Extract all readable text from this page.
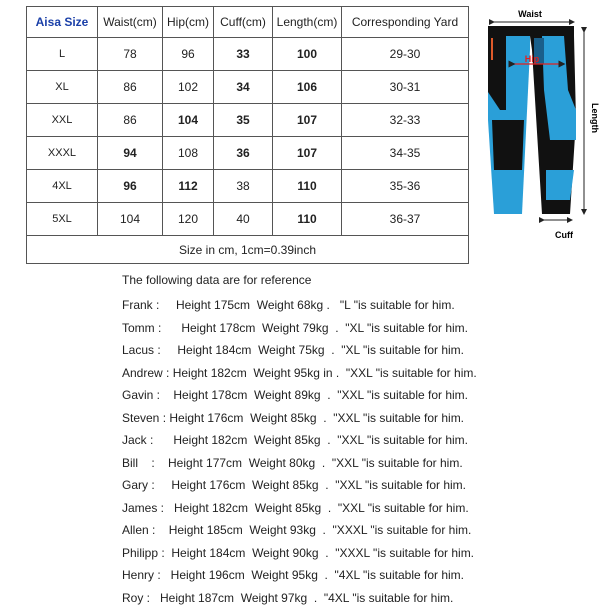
Aisa Size	Waist(cm)	Hip(cm)	Cuff(cm)	Length(cm)	Corresponding Yard
L	78	96	33	100	29-30
XL	86	102	34	106	30-31
XXL	86	104	35	107	32-33
XXXL	94	108	36	107	34-35
4XL	96	112	38	110	35-36
5XL	104	120	40	110	36-37
Size in cm, 1cm=0.39inch					
Waist
Hip
Length
Cuff
The following data are for reference
Frank :     Height 175cm  Weight 68kg .   "L "is suitable for him.
Tomm :      Height 178cm  Weight 79kg  .  "XL "is suitable for him.
Lacus :     Height 184cm  Weight 75kg  .  "XL "is suitable for him.
Andrew : Height 182cm  Weight 95kg in .  "XXL "is suitable for him.
Gavin :    Height 178cm  Weight 89kg  .  "XXL "is suitable for him.
Steven : Height 176cm  Weight 85kg  .  "XXL "is suitable for him.
Jack :      Height 182cm  Weight 85kg  .  "XXL "is suitable for him.
Bill    :    Height 177cm  Weight 80kg  .  "XXL "is suitable for him.
Gary :     Height 176cm  Weight 85kg  .  "XXL "is suitable for him.
James :   Height 182cm  Weight 85kg  .  "XXL "is suitable for him.
Allen :    Height 185cm  Weight 93kg  .  "XXXL "is suitable for him.
Philipp :  Height 184cm  Weight 90kg  .  "XXXL "is suitable for him.
Henry :   Height 196cm  Weight 95kg  .  "4XL "is suitable for him.
Roy :   Height 187cm  Weight 97kg  .  "4XL "is suitable for him.
